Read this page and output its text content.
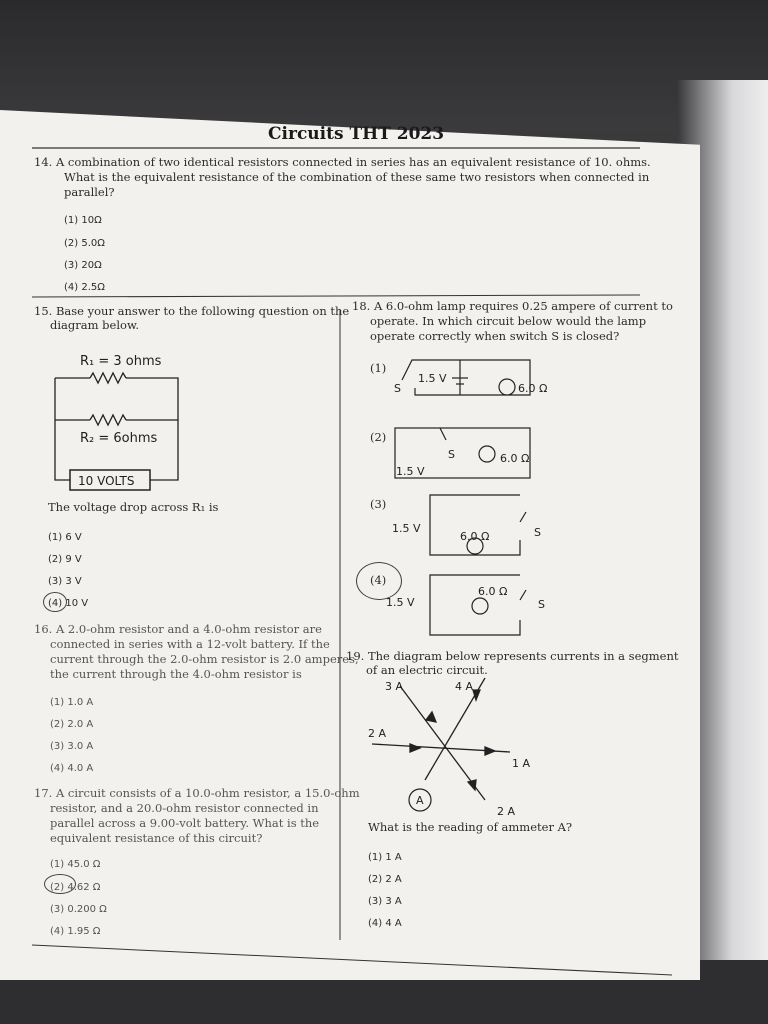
Circuits THT 2023
14. A combination of two identical resistors connected in series has an equivalent resistance of 10. ohms.
What is the equivalent resistance of the combination of these same two resistors when connected in
parallel?
(1) 10Ω
(2) 5.0Ω
(3) 20Ω
(4) 2.5Ω
15. Base your answer to the following question on the
diagram below.
The voltage drop across R₁ is
(1) 6 V
(2) 9 V
(3) 3 V
(4) 10 V
16. A 2.0-ohm resistor and a 4.0-ohm resistor are
connected in series with a 12-volt battery. If the
current through the 2.0-ohm resistor is 2.0 amperes,
the current through the 4.0-ohm resistor is
(1) 1.0 A
(2) 2.0 A
(3) 3.0 A
(4) 4.0 A
17. A circuit consists of a 10.0-ohm resistor, a 15.0-ohm
resistor, and a 20.0-ohm resistor connected in
parallel across a 9.00-volt battery. What is the
equivalent resistance of this circuit?
(1) 45.0 Ω
(2) 4.62 Ω
(3) 0.200 Ω
(4) 1.95 Ω
18. A 6.0-ohm lamp requires 0.25 ampere of current to
operate. In which circuit below would the lamp
operate correctly when switch S is closed?
(1)
(2)
(3)
(4)
19. The diagram below represents currents in a segment
of an electric circuit.
What is the reading of ammeter A?
(1) 1 A
(2) 2 A
(3) 3 A
(4) 4 A
R₁ = 3 ohms
R₂ = 6ohms
10 VOLTS
S
1.5 V
6.0 Ω
S
1.5 V
6.0 Ω
1.5 V
6.0 Ω	S
1.5 V
6.0 Ω
S
A
3 A	4 A
2 A
1 A
2 A
